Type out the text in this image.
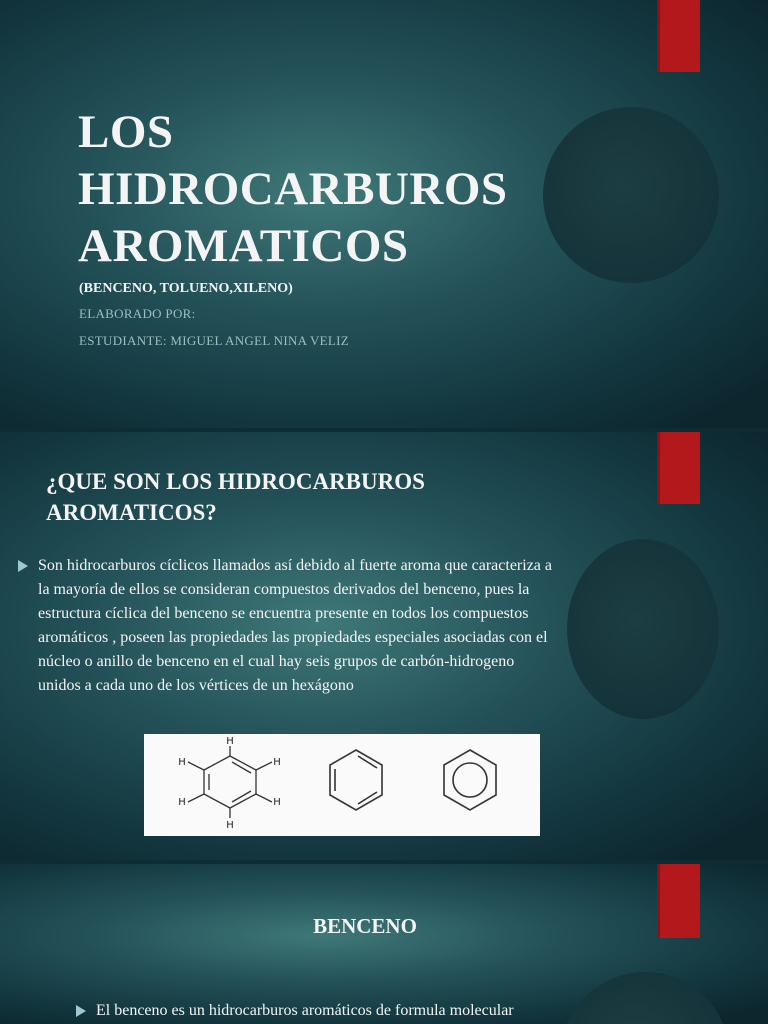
LOS
HIDROCARBUROS
AROMATICOS
(BENCENO, TOLUENO,XILENO)
ELABORADO POR:
ESTUDIANTE: MIGUEL ANGEL NINA VELIZ
¿QUE SON LOS HIDROCARBUROS
AROMATICOS?
Son hidrocarburos cíclicos llamados así debido al fuerte aroma que caracteriza a
la mayoría de ellos se consideran compuestos derivados del benceno, pues la
estructura cíclica del benceno se encuentra presente en todos los compuestos
aromáticos , poseen las propiedades las propiedades especiales asociadas con el
núcleo o anillo de benceno en el cual hay seis grupos de carbón-hidrogeno
unidos a cada uno de los vértices de un hexágono
H
H
H
H
H
H
BENCENO
El benceno es un hidrocarburos aromáticos de formula molecular
